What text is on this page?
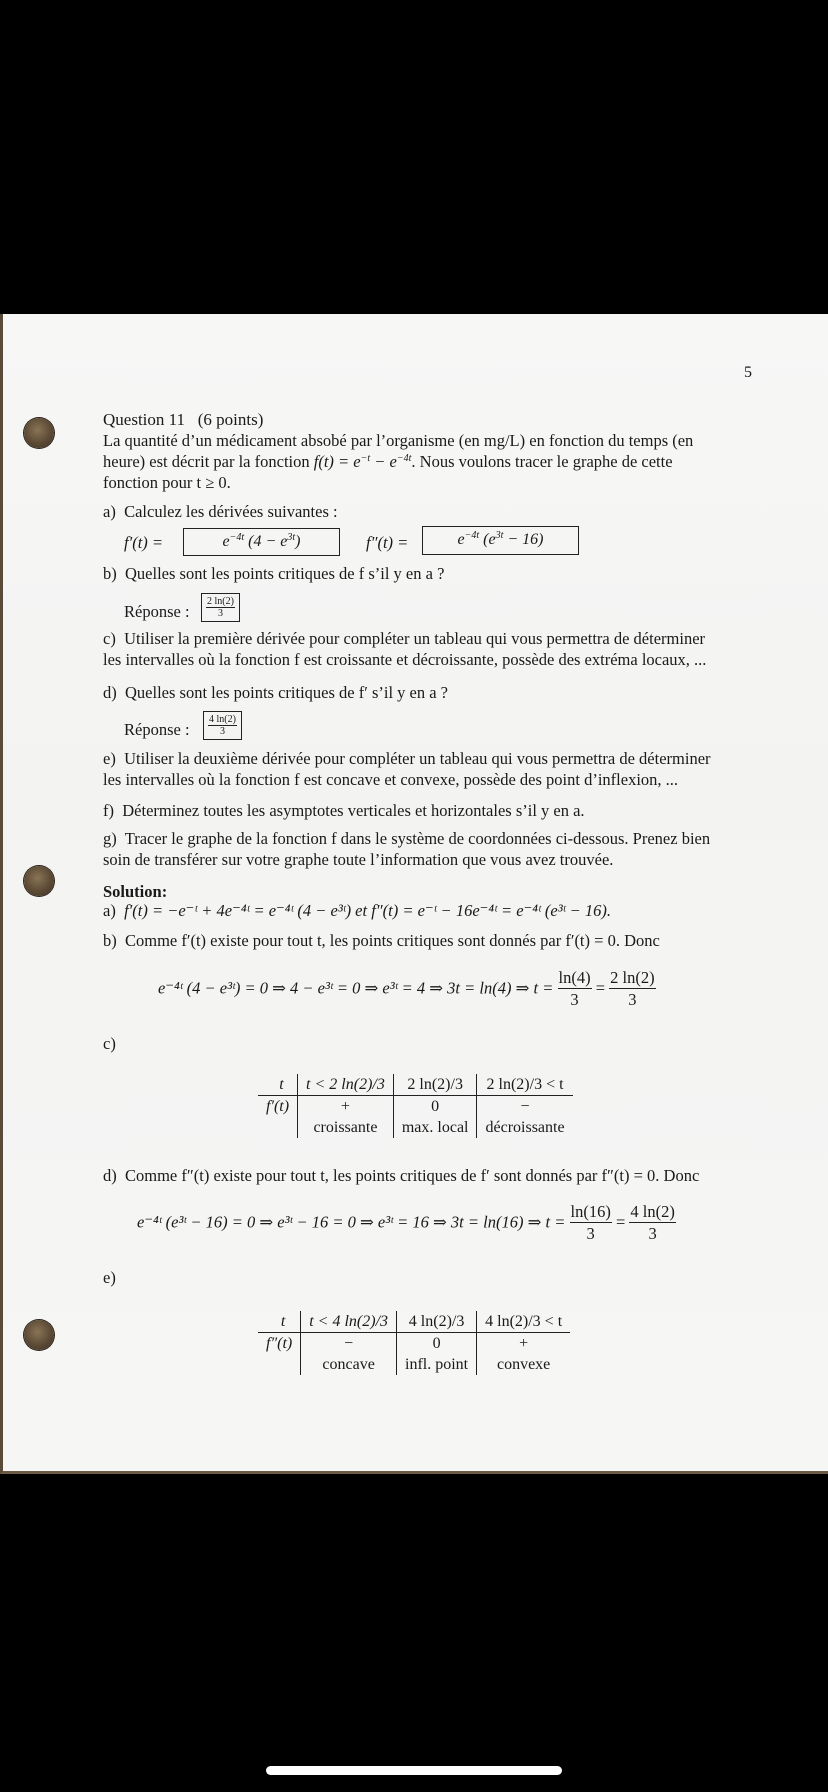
5
Question 11 (6 points)
La quantité d’un médicament absobé par l’organisme (en mg/L) en fonction du temps (en
heure) est décrit par la fonction $f(t) = e^{-t} - e^{-4t}$. Nous voulons tracer le graphe de cette
fonction pour t ≥ 0.
a) Calculez les dérivées suivantes :
f′(t) =	$e^{-4t}$ $(4 - e^{3t})$	f″(t) =	$e^{-4t}$ $(e^{3t} - 16)$
b) Quelles sont les points critiques de f s’il y en a ?
Réponse : $\frac{2 \ln(2)}{3}$
c) Utiliser la première dérivée pour compléter un tableau qui vous permettra de déterminer
les intervalles où la fonction f est croissante et décroissante, possède des extréma locaux, ...
d) Quelles sont les points critiques de f′ s’il y en a ?
Réponse : $\frac{4 \ln(2)}{3}$
e) Utiliser la deuxième dérivée pour compléter un tableau qui vous permettra de déterminer
les intervalles où la fonction f est concave et convexe, possède des point d’inflexion, ...
f) Déterminez toutes les asymptotes verticales et horizontales s’il y en a.
g) Tracer le graphe de la fonction f dans le système de coordonnées ci-dessous. Prenez bien
soin de transférer sur votre graphe toute l’information que vous avez trouvée.
Solution:
a) f′(t) = −e⁻ᵗ + 4e⁻⁴ᵗ = e⁻⁴ᵗ (4 − e³ᵗ) et f″(t) = e⁻ᵗ − 16e⁻⁴ᵗ = e⁻⁴ᵗ (e³ᵗ − 16).
b) Comme f′(t) existe pour tout t, les points critiques sont donnés par f′(t) = 0. Donc
e⁻⁴ᵗ (4 − e³ᵗ) = 0 ⇒ 4 − e³ᵗ = 0 ⇒ e³ᵗ = 4 ⇒ 3t = ln(4) ⇒ $t = \frac{\ln(4)}{3} = \frac{2 \ln(2)}{3}$
c)
t	t < 2 ln(2)/3	2 ln(2)/3	2 ln(2)/3 < t
f′(t)	+	0	−
	croissante	max. local	décroissante
d) Comme f″(t) existe pour tout t, les points critiques de f′ sont donnés par f″(t) = 0. Donc
e⁻⁴ᵗ (e³ᵗ − 16) = 0 ⇒ e³ᵗ − 16 = 0 ⇒ e³ᵗ = 16 ⇒ 3t = ln(16) ⇒ $t = \frac{\ln(16)}{3} = \frac{4 \ln(2)}{3}$
e)
t	t < 4 ln(2)/3	4 ln(2)/3	4 ln(2)/3 < t
f″(t)	−	0	+
	concave	infl. point	convexe
